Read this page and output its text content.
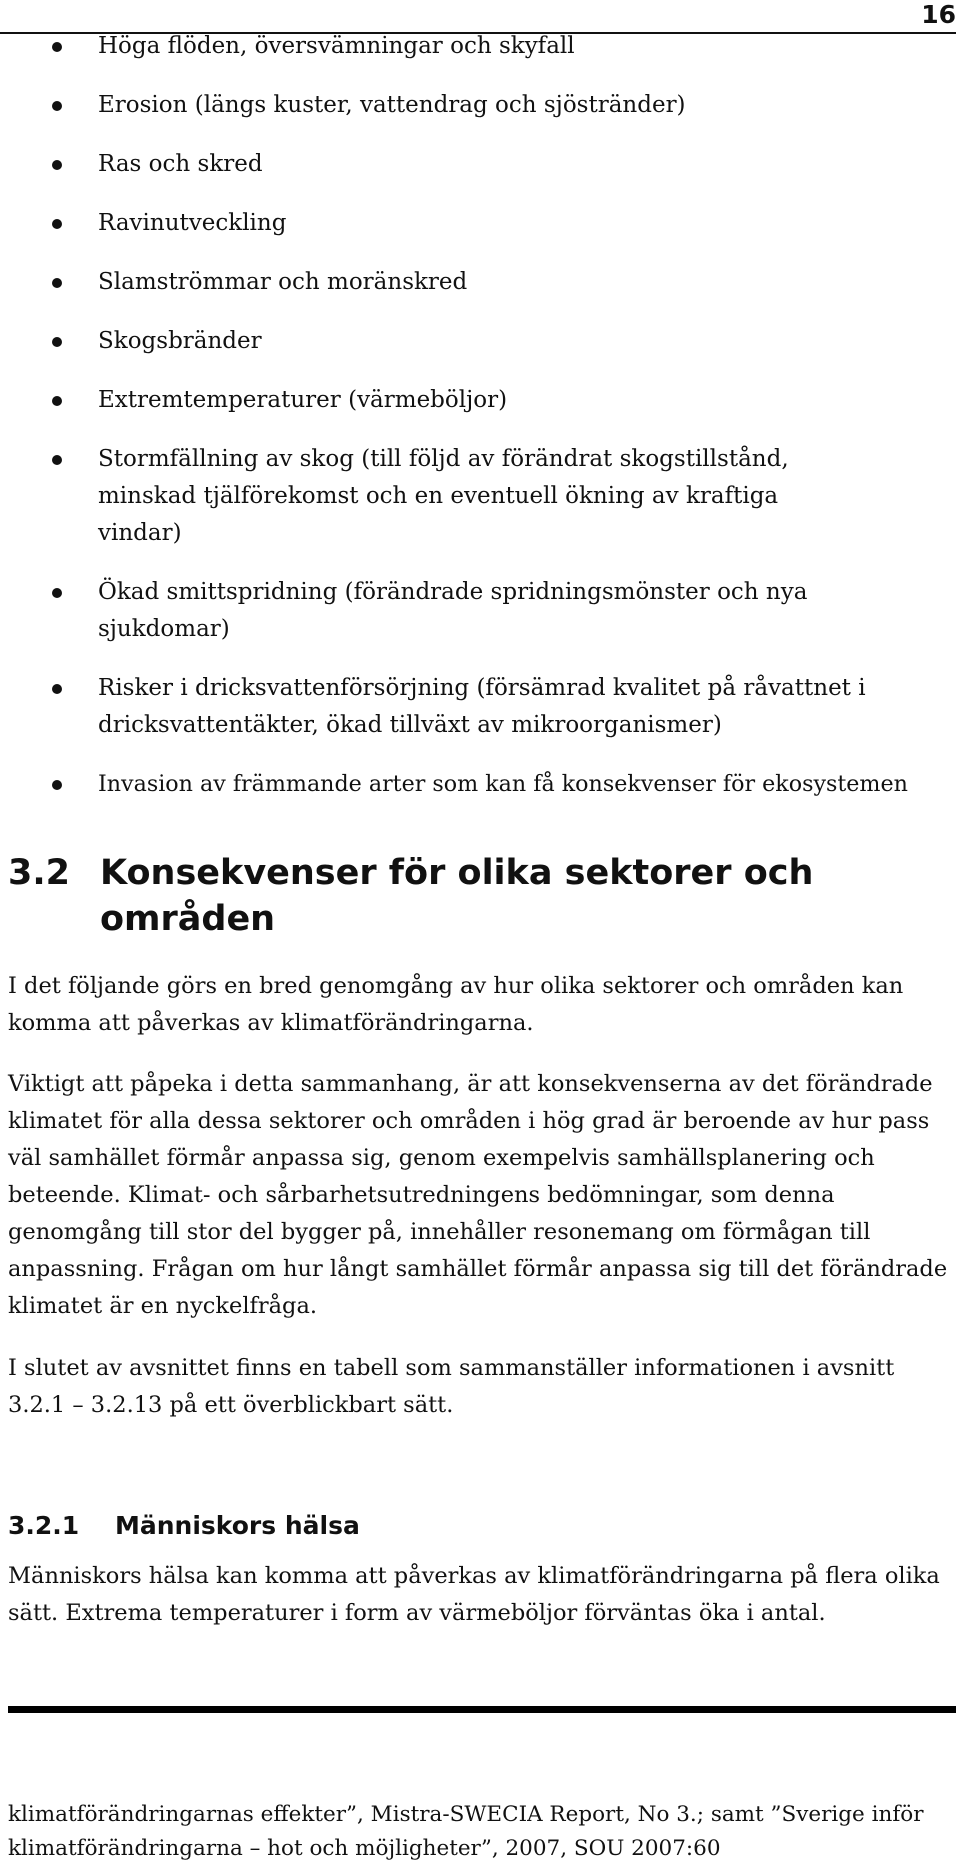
16
Höga flöden, översvämningar och skyfall
Erosion (längs kuster, vattendrag och sjöstränder)
Ras och skred
Ravinutveckling
Slamströmmar och moränskred
Skogsbränder
Extremtemperaturer (värmeböljor)
Stormfällning av skog (till följd av förändrat skogstillstånd, minskad tjälförekomst och en eventuell ökning av kraftiga vindar)
Ökad smittspridning (förändrade spridningsmönster och nya sjukdomar)
Risker i dricksvattenförsörjning (försämrad kvalitet på råvattnet i dricksvattentäkter, ökad tillväxt av mikroorganismer)
Invasion av främmande arter som kan få konsekvenser för ekosystemen
3.2 Konsekvenser för olika sektorer och
områden

I det följande görs en bred genomgång av hur olika sektorer och områden kan komma att påverkas av klimatförändringarna.

Viktigt att påpeka i detta sammanhang, är att konsekvenserna av det förändrade klimatet för alla dessa sektorer och områden i hög grad är beroende av hur pass väl samhället förmår anpassa sig, genom exempelvis samhällsplanering och beteende. Klimat- och sårbarhetsutredningens bedömningar, som denna genomgång till stor del bygger på, innehåller resonemang om förmågan till anpassning. Frågan om hur långt samhället förmår anpassa sig till det förändrade klimatet är en nyckelfråga.

I slutet av avsnittet finns en tabell som sammanställer informationen i avsnitt 3.2.1 – 3.2.13 på ett överblickbart sätt.

3.2.1 Människors hälsa

Människors hälsa kan komma att påverkas av klimatförändringarna på flera olika sätt. Extrema temperaturer i form av värmeböljor förväntas öka i antal.

klimatförändringarnas effekter”, Mistra-SWECIA Report, No 3.; samt ”Sverige inför klimatförändringarna – hot och möjligheter”, 2007, SOU 2007:60
